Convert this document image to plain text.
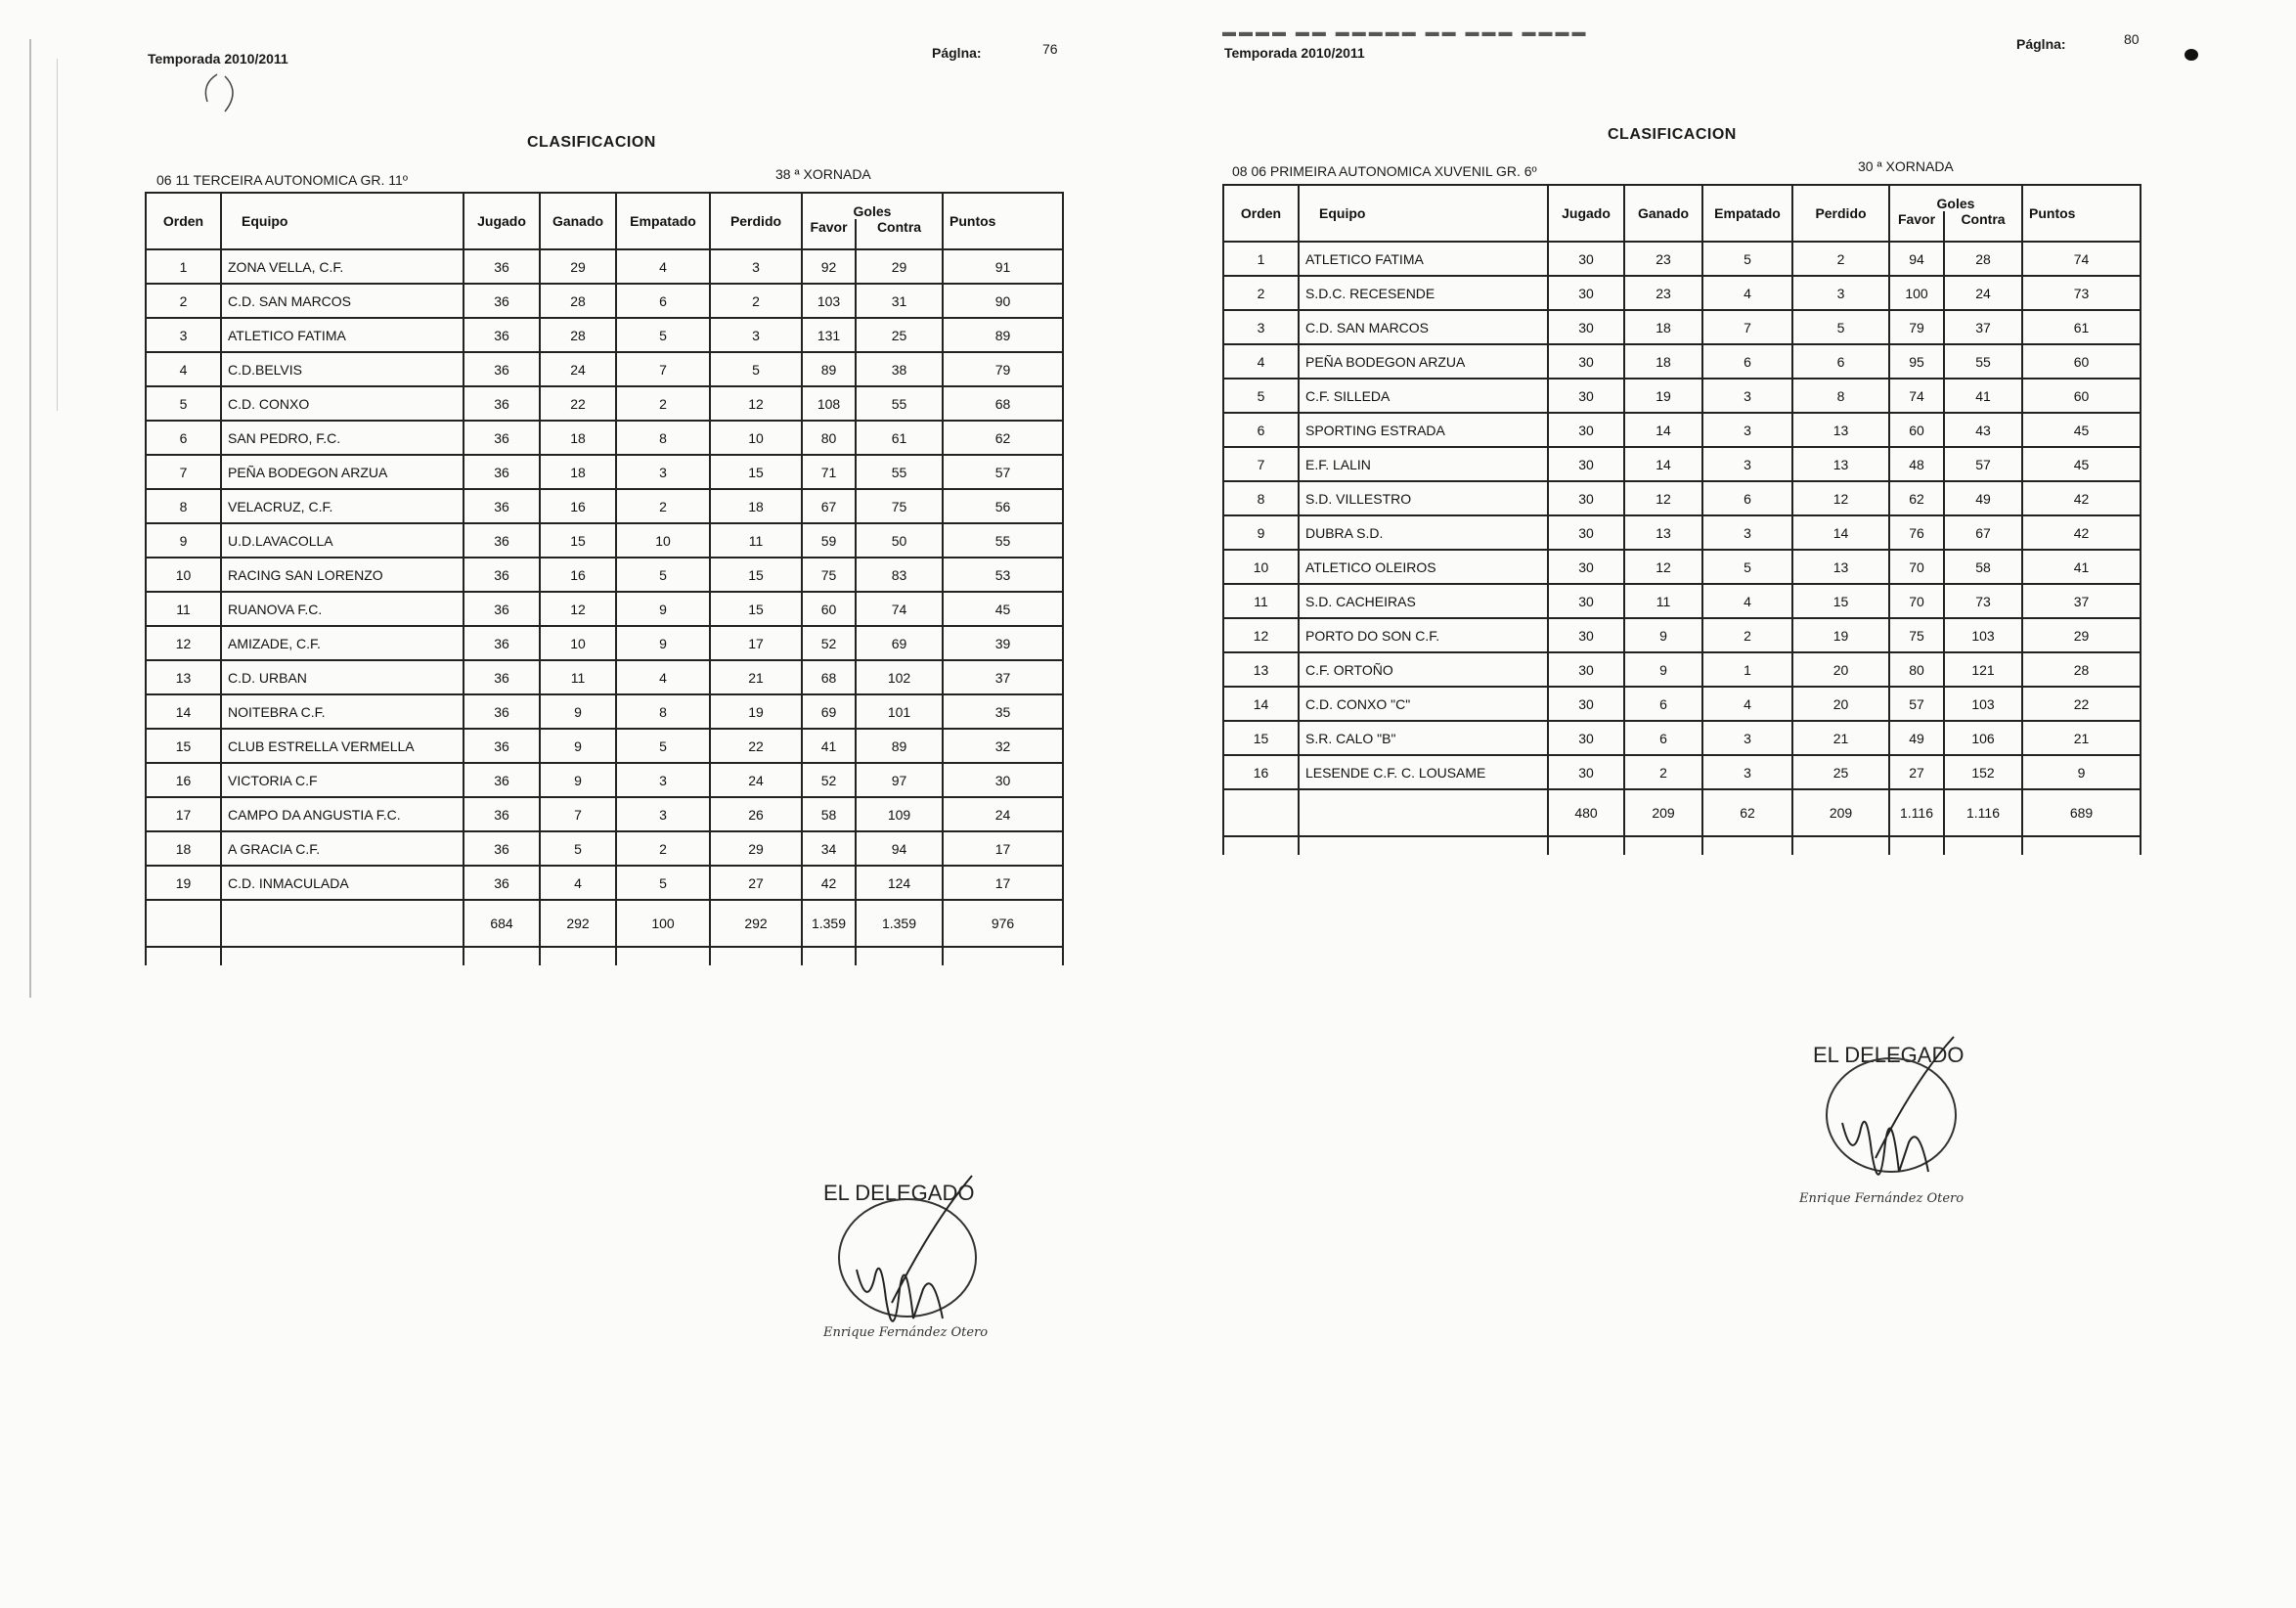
Temporada 2010/2011	Páglna:	76
CLASIFICACION
06 11 TERCEIRA AUTONOMICA GR. 11º	38 ª XORNADA
Orden	Equipo	Jugado	Ganado	Empatado	Perdido	Goles		Puntos
						Favor	Contra	
1	ZONA VELLA, C.F.	36	29	4	3	92	29	91
2	C.D. SAN MARCOS	36	28	6	2	103	31	90
3	ATLETICO FATIMA	36	28	5	3	131	25	89
4	C.D.BELVIS	36	24	7	5	89	38	79
5	C.D. CONXO	36	22	2	12	108	55	68
6	SAN PEDRO, F.C.	36	18	8	10	80	61	62
7	PEÑA BODEGON ARZUA	36	18	3	15	71	55	57
8	VELACRUZ, C.F.	36	16	2	18	67	75	56
9	U.D.LAVACOLLA	36	15	10	11	59	50	55
10	RACING SAN LORENZO	36	16	5	15	75	83	53
11	RUANOVA F.C.	36	12	9	15	60	74	45
12	AMIZADE, C.F.	36	10	9	17	52	69	39
13	C.D. URBAN	36	11	4	21	68	102	37
14	NOITEBRA C.F.	36	9	8	19	69	101	35
15	CLUB ESTRELLA VERMELLA	36	9	5	22	41	89	32
16	VICTORIA C.F	36	9	3	24	52	97	30
17	CAMPO DA ANGUSTIA F.C.	36	7	3	26	58	109	24
18	A GRACIA C.F.	36	5	2	29	34	94	17
19	C.D. INMACULADA	36	4	5	27	42	124	17
		684	292	100	292	1.359	1.359	976

EL DELEGADO
Enrique Fernández Otero
▬▬▬▬ ▬▬ ▬▬▬▬▬ ▬▬ ▬▬▬ ▬▬▬▬
Temporada 2010/2011
Páglna:	80
CLASIFICACION
08 06 PRIMEIRA AUTONOMICA XUVENIL GR. 6º	30 ª XORNADA
Orden	Equipo	Jugado	Ganado	Empatado	Perdido	Goles		Puntos
						Favor	Contra	
1	ATLETICO FATIMA	30	23	5	2	94	28	74
2	S.D.C. RECESENDE	30	23	4	3	100	24	73
3	C.D. SAN MARCOS	30	18	7	5	79	37	61
4	PEÑA BODEGON ARZUA	30	18	6	6	95	55	60
5	C.F. SILLEDA	30	19	3	8	74	41	60
6	SPORTING ESTRADA	30	14	3	13	60	43	45
7	E.F. LALIN	30	14	3	13	48	57	45
8	S.D. VILLESTRO	30	12	6	12	62	49	42
9	DUBRA S.D.	30	13	3	14	76	67	42
10	ATLETICO OLEIROS	30	12	5	13	70	58	41
11	S.D. CACHEIRAS	30	11	4	15	70	73	37
12	PORTO DO SON C.F.	30	9	2	19	75	103	29
13	C.F. ORTOÑO	30	9	1	20	80	121	28
14	C.D. CONXO "C"	30	6	4	20	57	103	22
15	S.R. CALO "B"	30	6	3	21	49	106	21
16	LESENDE C.F. C. LOUSAME	30	2	3	25	27	152	9
		480	209	62	209	1.116	1.116	689

EL DELEGADO
Enrique Fernández Otero
